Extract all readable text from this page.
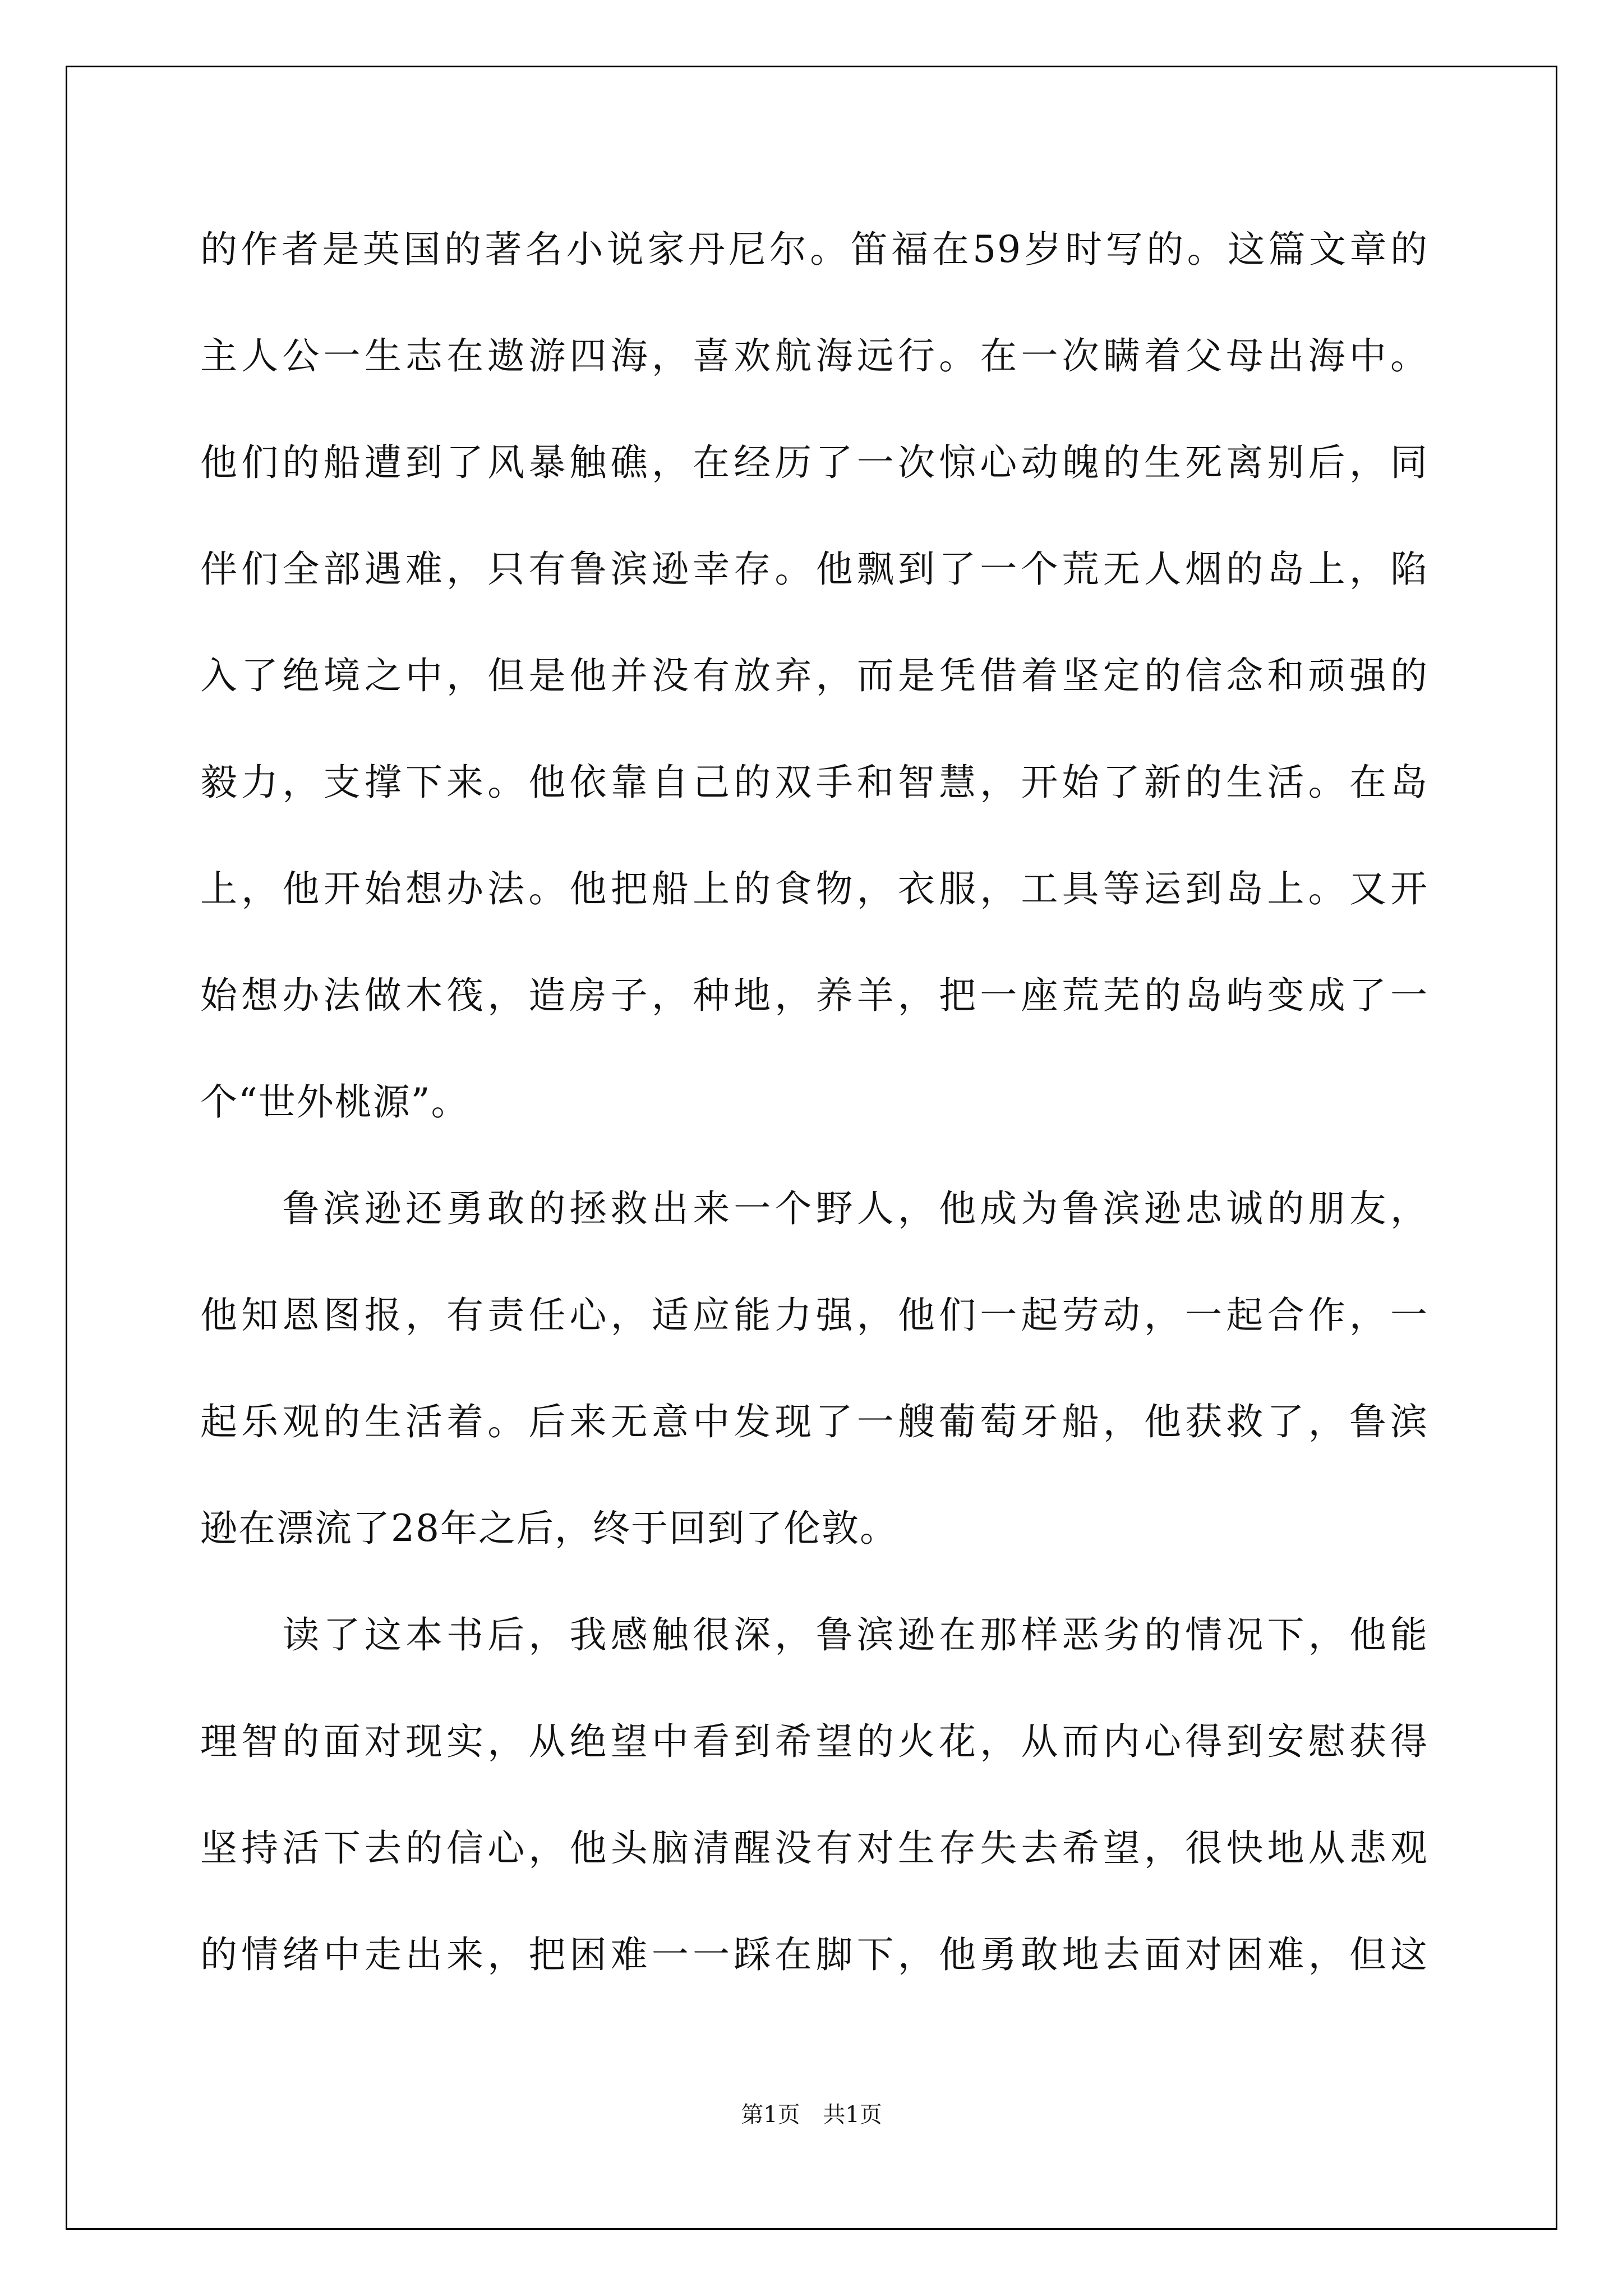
的作者是英国的著名小说家丹尼尔。笛福在59岁时写的。这篇文章的
主人公一生志在遨游四海，喜欢航海远行。在一次瞒着父母出海中。
他们的船遭到了风暴触礁，在经历了一次惊心动魄的生死离别后，同
伴们全部遇难，只有鲁滨逊幸存。他飘到了一个荒无人烟的岛上，陷
入了绝境之中，但是他并没有放弃，而是凭借着坚定的信念和顽强的
毅力，支撑下来。他依靠自己的双手和智慧，开始了新的生活。在岛
上，他开始想办法。他把船上的食物，衣服，工具等运到岛上。又开
始想办法做木筏，造房子，种地，养羊，把一座荒芜的岛屿变成了一
个“世外桃源”。
　　鲁滨逊还勇敢的拯救出来一个野人，他成为鲁滨逊忠诚的朋友，
他知恩图报，有责任心，适应能力强，他们一起劳动，一起合作，一
起乐观的生活着。后来无意中发现了一艘葡萄牙船，他获救了，鲁滨
逊在漂流了28年之后，终于回到了伦敦。
　　读了这本书后，我感触很深，鲁滨逊在那样恶劣的情况下，他能
理智的面对现实，从绝望中看到希望的火花，从而内心得到安慰获得
坚持活下去的信心，他头脑清醒没有对生存失去希望，很快地从悲观
的情绪中走出来，把困难一一踩在脚下，他勇敢地去面对困难，但这
第1页 共1页
